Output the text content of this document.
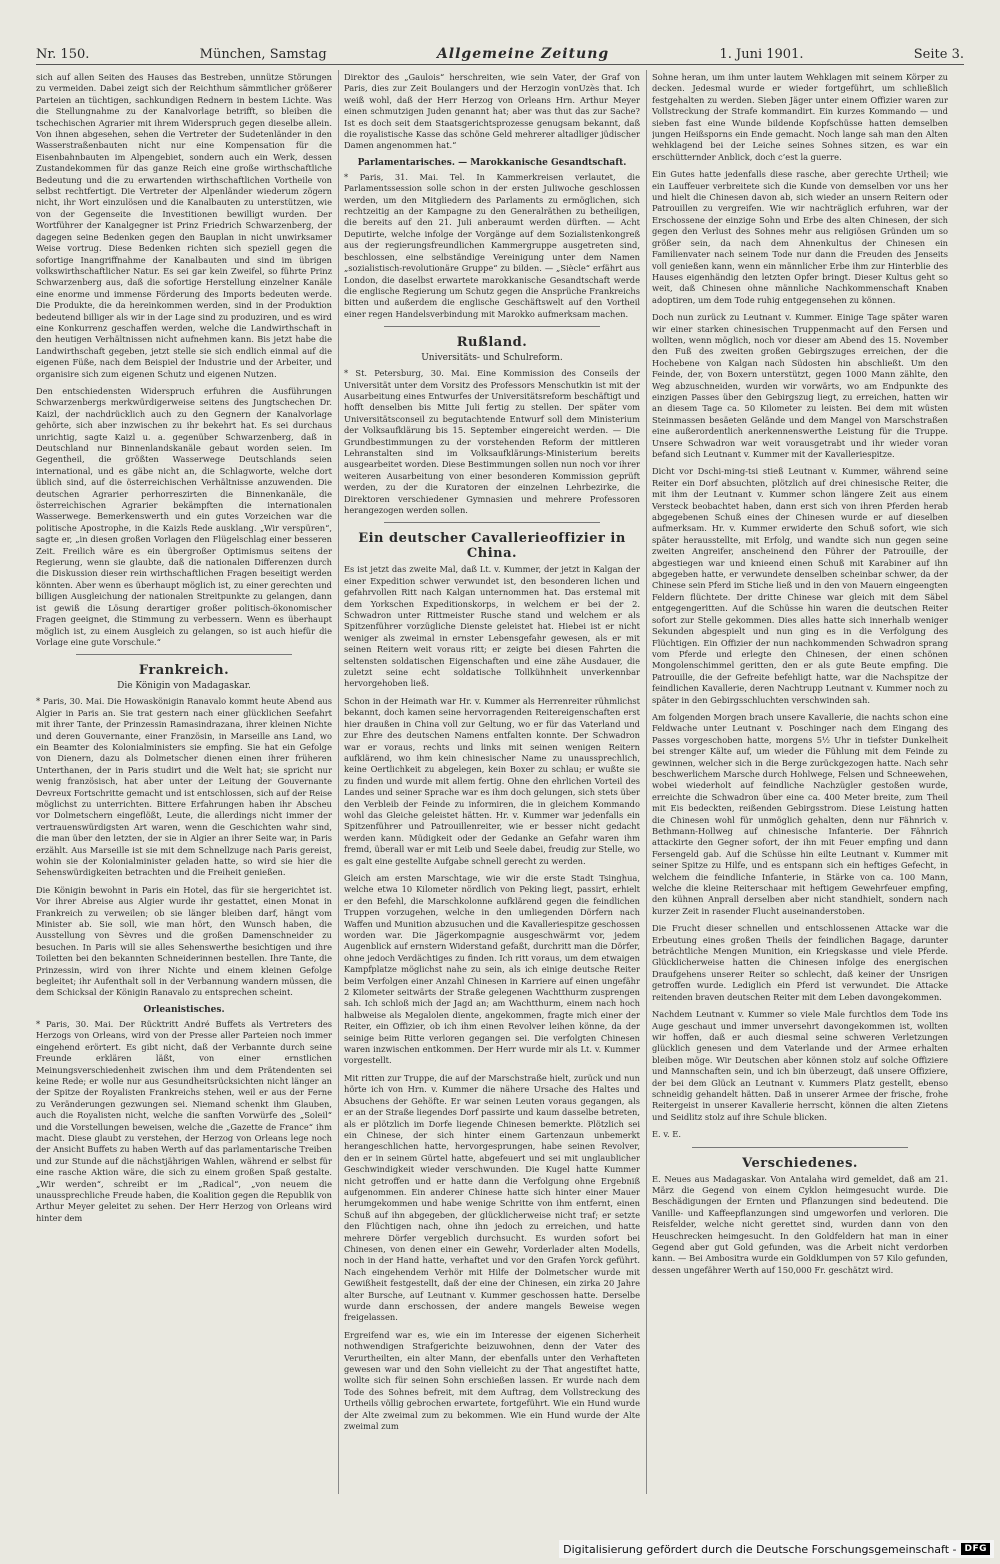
Nr. 150.	München, Samstag	Allgemeine Zeitung	1. Juni 1901.	Seite 3.

sich auf allen Seiten des Hauses das Bestreben, unnütze Störungen zu vermeiden. Dabei zeigt sich der Reichthum sämmtlicher größerer Parteien an tüchtigen, sachkundigen Rednern in bestem Lichte. Was die Stellungnahme zu der Kanalvorlage betrifft, so bleiben die tschechischen Agrarier mit ihrem Widerspruch gegen dieselbe allein. Von ihnen abgesehen, sehen die Vertreter der Sudetenländer in den Wasserstraßenbauten nicht nur eine Kompensation für die Eisenbahnbauten im Alpengebiet, sondern auch ein Werk, dessen Zustandekommen für das ganze Reich eine große wirthschaftliche Bedeutung und die zu erwartenden wirthschaftlichen Vortheile von selbst rechtfertigt. Die Vertreter der Alpenländer wiederum zögern nicht, ihr Wort einzulösen und die Kanalbauten zu unterstützen, wie von der Gegenseite die Investitionen bewilligt wurden. Der Wortführer der Kanalgegner ist Prinz Friedrich Schwarzenberg, der dagegen seine Bedenken gegen den Bauplan in nicht unwirksamer Weise vortrug. Diese Bedenken richten sich speziell gegen die sofortige Inangriffnahme der Kanalbauten und sind im übrigen volkswirthschaftlicher Natur. Es sei gar kein Zweifel, so führte Prinz Schwarzenberg aus, daß die sofortige Herstellung einzelner Kanäle eine enorme und immense Förderung des Imports bedeuten werde. Die Produkte, die da hereinkommen werden, sind in der Produktion bedeutend billiger als wir in der Lage sind zu produziren, und es wird eine Konkurrenz geschaffen werden, welche die Landwirthschaft in den heutigen Verhältnissen nicht aufnehmen kann. Bis jetzt habe die Landwirthschaft gegeben, jetzt stelle sie sich endlich einmal auf die eigenen Füße, nach dem Beispiel der Industrie und der Arbeiter, und organisire sich zum eigenen Schutz und eigenen Nutzen.

Den entschiedensten Widerspruch erfuhren die Ausführungen Schwarzenbergs merkwürdigerweise seitens des Jungtschechen Dr. Kaizl, der nachdrücklich auch zu den Gegnern der Kanalvorlage gehörte, sich aber inzwischen zu ihr bekehrt hat. Es sei durchaus unrichtig, sagte Kaizl u. a. gegenüber Schwarzenberg, daß in Deutschland nur Binnenlandskanäle gebaut worden seien. Im Gegentheil, die größten Wasserwege Deutschlands seien international, und es gäbe nicht an, die Schlagworte, welche dort üblich sind, auf die österreichischen Verhältnisse anzuwenden. Die deutschen Agrarier perhorreszirten die Binnenkanäle, die österreichischen Agrarier bekämpften die internationalen Wasserwege. Bemerkenswerth und ein gutes Vorzeichen war die politische Apostrophe, in die Kaizls Rede ausklang. „Wir verspüren“, sagte er, „in diesen großen Vorlagen den Flügelschlag einer besseren Zeit. Freilich wäre es ein übergroßer Optimismus seitens der Regierung, wenn sie glaubte, daß die nationalen Differenzen durch die Diskussion dieser rein wirthschaftlichen Fragen beseitigt werden könnten. Aber wenn es überhaupt möglich ist, zu einer gerechten und billigen Ausgleichung der nationalen Streitpunkte zu gelangen, dann ist gewiß die Lösung derartiger großer politisch-ökonomischer Fragen geeignet, die Stimmung zu verbessern. Wenn es überhaupt möglich ist, zu einem Ausgleich zu gelangen, so ist auch hiefür die Vorlage eine gute Vorschule.“

Frankreich.
Die Königin von Madagaskar.

* Paris, 30. Mai. Die Howaskönigin Ranavalo kommt heute Abend aus Algier in Paris an. Sie trat gestern nach einer glücklichen Seefahrt mit ihrer Tante, der Prinzessin Ramasindrazana, ihrer kleinen Nichte und deren Gouvernante, einer Französin, in Marseille ans Land, wo ein Beamter des Kolonialministers sie empfing. Sie hat ein Gefolge von Dienern, dazu als Dolmetscher dienen einen ihrer früheren Unterthanen, der in Paris studirt und die Welt hat; sie spricht nur wenig französisch, hat aber unter der Leitung der Gouvernante Devreux Fortschritte gemacht und ist entschlossen, sich auf der Reise möglichst zu unterrichten. Bittere Erfahrungen haben ihr Abscheu vor Dolmetschern eingeflößt, Leute, die allerdings nicht immer der vertrauenswürdigsten Art waren, wenn die Geschichten wahr sind, die man über den letzten, der sie in Algier an ihrer Seite war, in Paris erzählt. Aus Marseille ist sie mit dem Schnellzuge nach Paris gereist, wohin sie der Kolonialminister geladen hatte, so wird sie hier die Sehenswürdigkeiten betrachten und die Freiheit genießen.

Die Königin bewohnt in Paris ein Hotel, das für sie hergerichtet ist. Vor ihrer Abreise aus Algier wurde ihr gestattet, einen Monat in Frankreich zu verweilen; ob sie länger bleiben darf, hängt vom Minister ab. Sie soll, wie man hört, den Wunsch haben, die Ausstellung von Sèvres und die großen Damenschneider zu besuchen. In Paris will sie alles Sehenswerthe besichtigen und ihre Toiletten bei den bekannten Schneiderinnen bestellen. Ihre Tante, die Prinzessin, wird von ihrer Nichte und einem kleinen Gefolge begleitet; ihr Aufenthalt soll in der Verbannung wandern müssen, die dem Schicksal der Königin Ranavalo zu entsprechen scheint.

Orleanistisches.

* Paris, 30. Mai. Der Rücktritt André Buffets als Vertreters des Herzogs von Orleans, wird von der Presse aller Parteien noch immer eingehend erörtert. Es gibt nicht, daß der Verbannte durch seine Freunde erklären läßt, von einer ernstlichen Meinungsverschiedenheit zwischen ihm und dem Prätendenten sei keine Rede; er wolle nur aus Gesundheitsrücksichten nicht länger an der Spitze der Royalisten Frankreichs stehen, weil er aus der Ferne zu Veränderungen gezwungen sei. Niemand schenkt ihm Glauben, auch die Royalisten nicht, welche die sanften Vorwürfe des „Soleil“ und die Vorstellungen beweisen, welche die „Gazette de France“ ihm macht. Diese glaubt zu verstehen, der Herzog von Orleans lege noch der Ansicht Buffets zu haben Werth auf das parlamentarische Treiben und zur Stunde auf die nächstjährigen Wahlen, während er selbst für eine rasche Aktion wäre, die sich zu einem großen Spaß gestalte. „Wir werden“, schreibt er im „Radical“, „von neuem die unaussprechliche Freude haben, die Koalition gegen die Republik von Arthur Meyer geleitet zu sehen. Der Herr Herzog von Orleans wird hinter dem

Direktor des „Gaulois“ herschreiten, wie sein Vater, der Graf von Paris, dies zur Zeit Boulangers und der Herzogin vonUzès that. Ich weiß wohl, daß der Herr Herzog von Orleans Hrn. Arthur Meyer einen schmutzigen Juden genannt hat; aber was thut das zur Sache? Ist es doch seit dem Staatsgerichtsprozesse genugsam bekannt, daß die royalistische Kasse das schöne Geld mehrerer altadliger jüdischer Damen angenommen hat.“

Parlamentarisches. — Marokkanische Gesandtschaft.

* Paris, 31. Mai. Tel. In Kammerkreisen verlautet, die Parlamentssession solle schon in der ersten Juliwoche geschlossen werden, um den Mitgliedern des Parlaments zu ermöglichen, sich rechtzeitig an der Kampagne zu den Generalräthen zu betheiligen, die bereits auf den 21. Juli anberaumt werden dürften. — Acht Deputirte, welche infolge der Vorgänge auf dem Sozialistenkongreß aus der regierungsfreundlichen Kammergruppe ausgetreten sind, beschlossen, eine selbständige Vereinigung unter dem Namen „sozialistisch-revolutionäre Gruppe“ zu bilden. — „Siècle“ erfährt aus London, die daselbst erwartete marokkanische Gesandtschaft werde die englische Regierung um Schutz gegen die Ansprüche Frankreichs bitten und außerdem die englische Geschäftswelt auf den Vortheil einer regen Handelsverbindung mit Marokko aufmerksam machen.

Rußland.
Universitäts- und Schulreform.

* St. Petersburg, 30. Mai. Eine Kommission des Conseils der Universität unter dem Vorsitz des Professors Menschutkin ist mit der Ausarbeitung eines Entwurfes der Universitätsreform beschäftigt und hofft denselben bis Mitte Juli fertig zu stellen. Der später vom Universitätsconseil zu begutachtende Entwurf soll dem Ministerium der Volksaufklärung bis 15. September eingereicht werden. — Die Grundbestimmungen zu der vorstehenden Reform der mittleren Lehranstalten sind im Volksaufklärungs-Ministerium bereits ausgearbeitet worden. Diese Bestimmungen sollen nun noch vor ihrer weiteren Ausarbeitung von einer besonderen Kommission geprüft werden, zu der die Kuratoren der einzelnen Lehrbezirke, die Direktoren verschiedener Gymnasien und mehrere Professoren herangezogen werden sollen.

Ein deutscher Cavallerieoffizier in China.

Es ist jetzt das zweite Mal, daß Lt. v. Kummer, der jetzt in Kalgan der einer Expedition schwer verwundet ist, den besonderen lichen und gefahrvollen Ritt nach Kalgan unternommen hat. Das erstemal mit dem Yorkschen Expeditionskorps, in welchem er bei der 2. Schwadron unter Rittmeister Rusche stand und welchem er als Spitzenführer vorzügliche Dienste geleistet hat. Hiebei ist er nicht weniger als zweimal in ernster Lebensgefahr gewesen, als er mit seinen Reitern weit voraus ritt; er zeigte bei diesen Fahrten die seltensten soldatischen Eigenschaften und eine zähe Ausdauer, die zuletzt seine echt soldatische Tollkühnheit unverkennbar hervorgehoben ließ.

Schon in der Heimath war Hr. v. Kummer als Herrenreiter rühmlichst bekannt, doch kamen seine hervorragenden Reitereigenschaften erst hier draußen in China voll zur Geltung, wo er für das Vaterland und zur Ehre des deutschen Namens entfalten konnte. Der Schwadron war er voraus, rechts und links mit seinen wenigen Reitern aufklärend, wo ihm kein chinesischer Name zu unaussprechlich, keine Oertlichkeit zu abgelegen, kein Boxer zu schlau; er wußte sie zu finden und wurde mit allem fertig. Ohne den ehrlichen Vorteil des Landes und seiner Sprache war es ihm doch gelungen, sich stets über den Verbleib der Feinde zu informiren, die in gleichem Kommando wohl das Gleiche geleistet hätten. Hr. v. Kummer war jedenfalls ein Spitzenführer und Patrouillenreiter, wie er besser nicht gedacht werden kann. Müdigkeit oder der Gedanke an Gefahr waren ihm fremd, überall war er mit Leib und Seele dabei, freudig zur Stelle, wo es galt eine gestellte Aufgabe schnell gerecht zu werden.

Gleich am ersten Marschtage, wie wir die erste Stadt Tsinghua, welche etwa 10 Kilometer nördlich von Peking liegt, passirt, erhielt er den Befehl, die Marschkolonne aufklärend gegen die feindlichen Truppen vorzugehen, welche in den umliegenden Dörfern nach Waffen und Munition abzusuchen und die Kavalleriespitze geschossen worden war. Die Jägerkompagnie ausgeschwärmt vor, jedem Augenblick auf ernstern Widerstand gefaßt, durchritt man die Dörfer, ohne jedoch Verdächtiges zu finden. Ich ritt voraus, um dem etwaigen Kampfplatze möglichst nahe zu sein, als ich einige deutsche Reiter beim Verfolgen einer Anzahl Chinesen in Karriere auf einen ungefähr 2 Kilometer seitwärts der Straße gelegenen Wachtthurm zusprengen sah. Ich schloß mich der Jagd an; am Wachtthurm, einem nach hoch halbweise als Megalolen diente, angekommen, fragte mich einer der Reiter, ein Offizier, ob ich ihm einen Revolver leihen könne, da der seinige beim Ritte verloren gegangen sei. Die verfolgten Chinesen waren inzwischen entkommen. Der Herr wurde mir als Lt. v. Kummer vorgestellt.

Mit ritten zur Truppe, die auf der Marschstraße hielt, zurück und nun hörte ich von Hrn. v. Kummer die nähere Ursache des Haltes und Absuchens der Gehöfte. Er war seinen Leuten voraus gegangen, als er an der Straße liegendes Dorf passirte und kaum dasselbe betreten, als er plötzlich im Dorfe liegende Chinesen bemerkte. Plötzlich sei ein Chinese, der sich hinter einem Gartenzaun unbemerkt herangeschlichen hatte, hervorgesprungen, habe seinen Revolver, den er in seinem Gürtel hatte, abgefeuert und sei mit unglaublicher Geschwindigkeit wieder verschwunden. Die Kugel hatte Kummer nicht getroffen und er hatte dann die Verfolgung ohne Ergebniß aufgenommen. Ein anderer Chinese hatte sich hinter einer Mauer herumgekommen und habe wenige Schritte von ihm entfernt, einen Schuß auf ihn abgegeben, der glücklicherweise nicht traf; er setzte den Flüchtigen nach, ohne ihn jedoch zu erreichen, und hatte mehrere Dörfer vergeblich durchsucht. Es wurden sofort bei Chinesen, von denen einer ein Gewehr, Vorderlader alten Modells, noch in der Hand hatte, verhaftet und vor den Grafen Yorck geführt. Nach eingehendem Verhör mit Hilfe der Dolmetscher wurde mit Gewißheit festgestellt, daß der eine der Chinesen, ein zirka 20 Jahre alter Bursche, auf Leutnant v. Kummer geschossen hatte. Derselbe wurde dann erschossen, der andere mangels Beweise wegen freigelassen.

Ergreifend war es, wie ein im Interesse der eigenen Sicherheit nothwendigen Strafgerichte beizuwohnen, denn der Vater des Verurtheilten, ein alter Mann, der ebenfalls unter den Verhafteten gewesen war und den Sohn vielleicht zu der That angestiftet hatte, wollte sich für seinen Sohn erschießen lassen. Er wurde nach dem Tode des Sohnes befreit, mit dem Auftrag, dem Vollstreckung des Urtheils völlig gebrochen erwartete, fortgeführt. Wie ein Hund wurde der Alte zweimal zum zu bekommen. Wie ein Hund wurde der Alte zweimal zum

Sohne heran, um ihm unter lautem Wehklagen mit seinem Körper zu decken. Jedesmal wurde er wieder fortgeführt, um schließlich festgehalten zu werden. Sieben Jäger unter einem Offizier waren zur Vollstreckung der Strafe kommandirt. Ein kurzes Kommando — und sieben fast eine Wunde bildende Kopfschüsse hatten demselben jungen Heißsporns ein Ende gemacht. Noch lange sah man den Alten wehklagend bei der Leiche seines Sohnes sitzen, es war ein erschütternder Anblick, doch c’est la guerre.

Ein Gutes hatte jedenfalls diese rasche, aber gerechte Urtheil; wie ein Lauffeuer verbreitete sich die Kunde von demselben vor uns her und hielt die Chinesen davon ab, sich wieder an unsern Reitern oder Patrouillen zu vergreifen. Wie wir nachträglich erfuhren, war der Erschossene der einzige Sohn und Erbe des alten Chinesen, der sich gegen den Verlust des Sohnes mehr aus religiösen Gründen um so größer sein, da nach dem Ahnenkultus der Chinesen ein Familienvater nach seinem Tode nur dann die Freuden des Jenseits voll genießen kann, wenn ein männlicher Erbe ihm zur Hinterblie des Hauses eigenhändig den letzten Opfer bringt. Dieser Kultus geht so weit, daß Chinesen ohne männliche Nachkommenschaft Knaben adoptiren, um dem Tode ruhig entgegensehen zu können.

Doch nun zurück zu Leutnant v. Kummer. Einige Tage später waren wir einer starken chinesischen Truppenmacht auf den Fersen und wollten, wenn möglich, noch vor dieser am Abend des 15. November den Fuß des zweiten großen Gebirgszuges erreichen, der die Hochebene von Kalgan nach Südosten hin abschließt. Um den Feinde, der, von Boxern unterstützt, gegen 1000 Mann zählte, den Weg abzuschneiden, wurden wir vorwärts, wo am Endpunkte des einzigen Passes über den Gebirgszug liegt, zu erreichen, hatten wir an diesem Tage ca. 50 Kilometer zu leisten. Bei dem mit wüsten Steinmassen besäeten Gelände und dem Mangel von Marschstraßen eine außerordentlich anerkennenswerthe Leistung für die Truppe. Unsere Schwadron war weit vorausgetrabt und ihr wieder voran befand sich Leutnant v. Kummer mit der Kavalleriespitze.

Dicht vor Dschi-ming-tsi stieß Leutnant v. Kummer, während seine Reiter ein Dorf absuchten, plötzlich auf drei chinesische Reiter, die mit ihm der Leutnant v. Kummer schon längere Zeit aus einem Versteck beobachtet haben, dann erst sich von ihren Pferden herab abgegebenen Schuß eines der Chinesen wurde er auf dieselben aufmerksam. Hr. v. Kummer erwiderte den Schuß sofort, wie sich später herausstellte, mit Erfolg, und wandte sich nun gegen seine zweiten Angreifer, anscheinend den Führer der Patrouille, der abgestiegen war und knieend einen Schuß mit Karabiner auf ihn abgegeben hatte, er verwundete denselben scheinbar schwer, da der Chinese sein Pferd im Stiche ließ und in den von Mauern eingeengten Feldern flüchtete. Der dritte Chinese war gleich mit dem Säbel entgegengeritten. Auf die Schüsse hin waren die deutschen Reiter sofort zur Stelle gekommen. Dies alles hatte sich innerhalb weniger Sekunden abgespielt und nun ging es in die Verfolgung des Flüchtigen. Ein Offizier der nun nachkommenden Schwadron sprang vom Pferde und erlegte den Chinesen, der einen schönen Mongolenschimmel geritten, den er als gute Beute empfing. Die Patrouille, die der Gefreite befehligt hatte, war die Nachspitze der feindlichen Kavallerie, deren Nachtrupp Leutnant v. Kummer noch zu später in den Gebirgsschluchten verschwinden sah.

Am folgenden Morgen brach unsere Kavallerie, die nachts schon eine Feldwache unter Leutnant v. Poschinger nach dem Eingang des Passes vorgeschoben hatte, morgens 5½ Uhr in tiefster Dunkelheit bei strenger Kälte auf, um wieder die Fühlung mit dem Feinde zu gewinnen, welcher sich in die Berge zurückgezogen hatte. Nach sehr beschwerlichem Marsche durch Hohlwege, Felsen und Schneewehen, wobei wiederholt auf feindliche Nachzügler gestoßen wurde, erreichte die Schwadron über eine ca. 400 Meter breite, zum Theil mit Eis bedeckten, reißenden Gebirgsstrom. Diese Leistung hatten die Chinesen wohl für unmöglich gehalten, denn nur Fähnrich v. Bethmann-Hollweg auf chinesische Infanterie. Der Fähnrich attackirte den Gegner sofort, der ihn mit Feuer empfing und dann Fersengeld gab. Auf die Schüsse hin eilte Leutnant v. Kummer mit seiner Spitze zu Hilfe, und es entspann sich ein heftiges Gefecht, in welchem die feindliche Infanterie, in Stärke von ca. 100 Mann, welche die kleine Reiterschaar mit heftigem Gewehrfeuer empfing, den kühnen Anprall derselben aber nicht standhielt, sondern nach kurzer Zeit in rasender Flucht auseinanderstoben.

Die Frucht dieser schnellen und entschlossenen Attacke war die Erbeutung eines großen Theils der feindlichen Bagage, darunter beträchtliche Mengen Munition, ein Kriegskasse und viele Pferde. Glücklicherweise hatten die Chinesen infolge des energischen Draufgehens unserer Reiter so schlecht, daß keiner der Unsrigen getroffen wurde. Lediglich ein Pferd ist verwundet. Die Attacke reitenden braven deutschen Reiter mit dem Leben davongekommen.

Nachdem Leutnant v. Kummer so viele Male furchtlos dem Tode ins Auge geschaut und immer unversehrt davongekommen ist, wollten wir hoffen, daß er auch diesmal seine schweren Verletzungen glücklich genesen und dem Vaterlande und der Armee erhalten bleiben möge. Wir Deutschen aber können stolz auf solche Offiziere und Mannschaften sein, und ich bin überzeugt, daß unsere Offiziere, der bei dem Glück an Leutnant v. Kummers Platz gestellt, ebenso schneidig gehandelt hätten. Daß in unserer Armee der frische, frohe Reitergeist in unserer Kavallerie herrscht, können die alten Zietens und Seidlitz stolz auf ihre Schule blicken.

E. v. E.

Verschiedenes.

E. Neues aus Madagaskar. Von Antalaha wird gemeldet, daß am 21. März die Gegend von einem Cyklon heimgesucht wurde. Die Beschädigungen der Ernten und Pflanzungen sind bedeutend. Die Vanille- und Kaffeepflanzungen sind umgeworfen und verloren. Die Reisfelder, welche nicht gerettet sind, wurden dann von den Heuschrecken heimgesucht. In den Goldfeldern hat man in einer Gegend aber gut Gold gefunden, was die Arbeit nicht verdorben kann. — Bei Ambositra wurde ein Goldklumpen von 57 Kilo gefunden, dessen ungefährer Werth auf 150,000 Fr. geschätzt wird.

Digitalisierung gefördert durch die Deutsche Forschungsgemeinschaft - DFG
